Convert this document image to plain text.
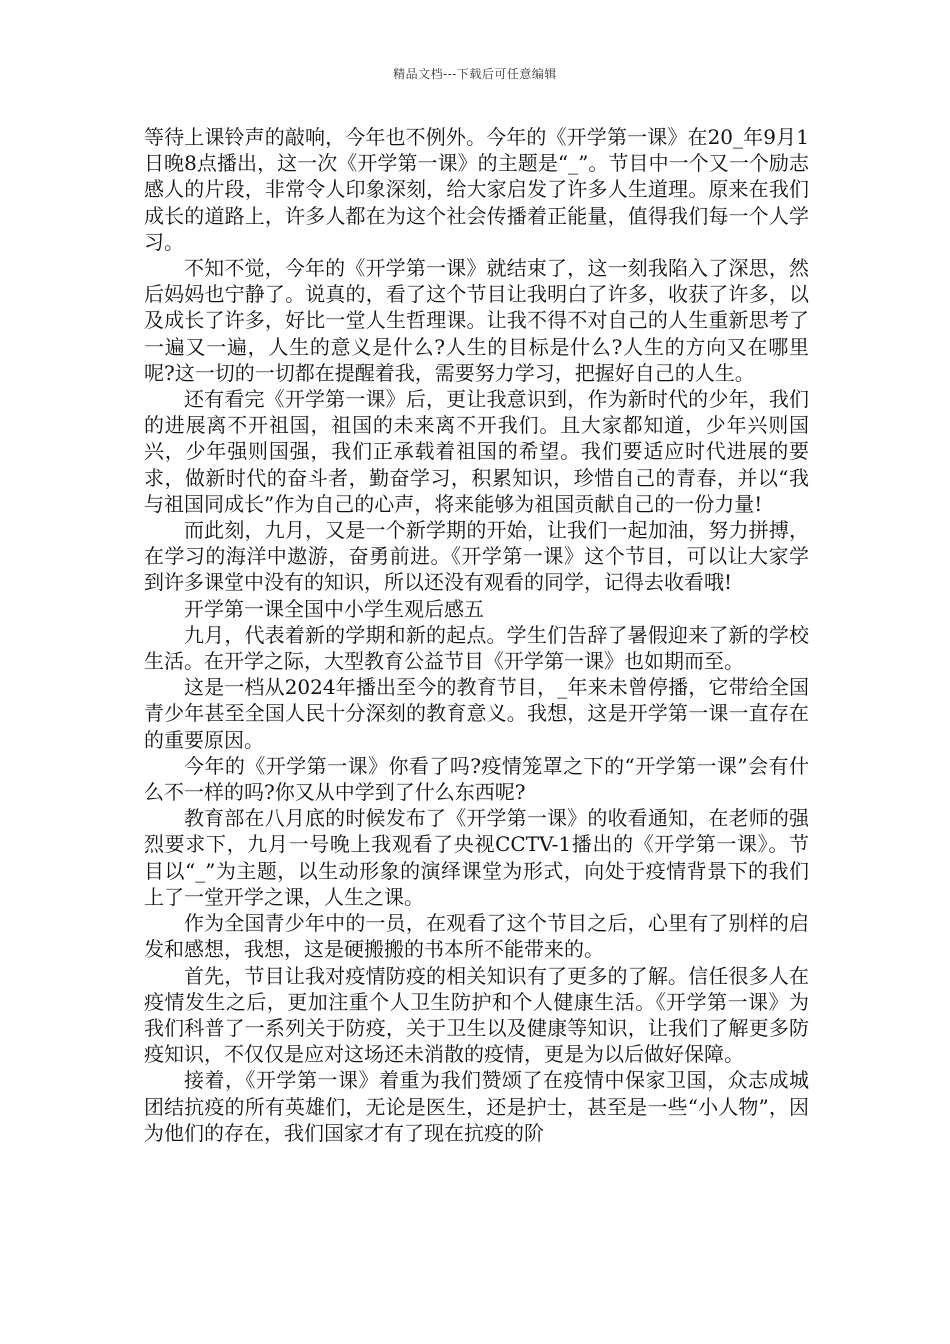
精品文档---下载后可任意编辑

等待上课铃声的敲响，今年也不例外。今年的《开学第一课》在20_年9月1日晚8点播出，这一次《开学第一课》的主题是“_”。节目中一个又一个励志感人的片段，非常令人印象深刻，给大家启发了许多人生道理。原来在我们成长的道路上，许多人都在为这个社会传播着正能量，值得我们每一个人学习。

不知不觉，今年的《开学第一课》就结束了，这一刻我陷入了深思，然后妈妈也宁静了。说真的，看了这个节目让我明白了许多，收获了许多，以及成长了许多，好比一堂人生哲理课。让我不得不对自己的人生重新思考了一遍又一遍，人生的意义是什么?人生的目标是什么?人生的方向又在哪里呢?这一切的一切都在提醒着我，需要努力学习，把握好自己的人生。

还有看完《开学第一课》后，更让我意识到，作为新时代的少年，我们的进展离不开祖国，祖国的未来离不开我们。且大家都知道，少年兴则国兴，少年强则国强，我们正承载着祖国的希望。我们要适应时代进展的要求，做新时代的奋斗者，勤奋学习，积累知识，珍惜自己的青春，并以“我与祖国同成长”作为自己的心声，将来能够为祖国贡献自己的一份力量!

而此刻，九月，又是一个新学期的开始，让我们一起加油，努力拼搏，在学习的海洋中遨游，奋勇前进。《开学第一课》这个节目，可以让大家学到许多课堂中没有的知识，所以还没有观看的同学，记得去收看哦!

开学第一课全国中小学生观后感五

九月，代表着新的学期和新的起点。学生们告辞了暑假迎来了新的学校生活。在开学之际，大型教育公益节目《开学第一课》也如期而至。

这是一档从2024年播出至今的教育节目，_年来未曾停播，它带给全国青少年甚至全国人民十分深刻的教育意义。我想，这是开学第一课一直存在的重要原因。

今年的《开学第一课》你看了吗?疫情笼罩之下的“开学第一课”会有什么不一样的吗?你又从中学到了什么东西呢?

教育部在八月底的时候发布了《开学第一课》的收看通知，在老师的强烈要求下，九月一号晚上我观看了央视CCTV-1播出的《开学第一课》。节目以“_”为主题，以生动形象的演绎课堂为形式，向处于疫情背景下的我们上了一堂开学之课，人生之课。

作为全国青少年中的一员，在观看了这个节目之后，心里有了别样的启发和感想，我想，这是硬搬搬的书本所不能带来的。

首先，节目让我对疫情防疫的相关知识有了更多的了解。信任很多人在疫情发生之后，更加注重个人卫生防护和个人健康生活。《开学第一课》为我们科普了一系列关于防疫，关于卫生以及健康等知识，让我们了解更多防疫知识，不仅仅是应对这场还未消散的疫情，更是为以后做好保障。

接着，《开学第一课》着重为我们赞颂了在疫情中保家卫国，众志成城团结抗疫的所有英雄们，无论是医生，还是护士，甚至是一些“小人物”，因为他们的存在，我们国家才有了现在抗疫的阶
